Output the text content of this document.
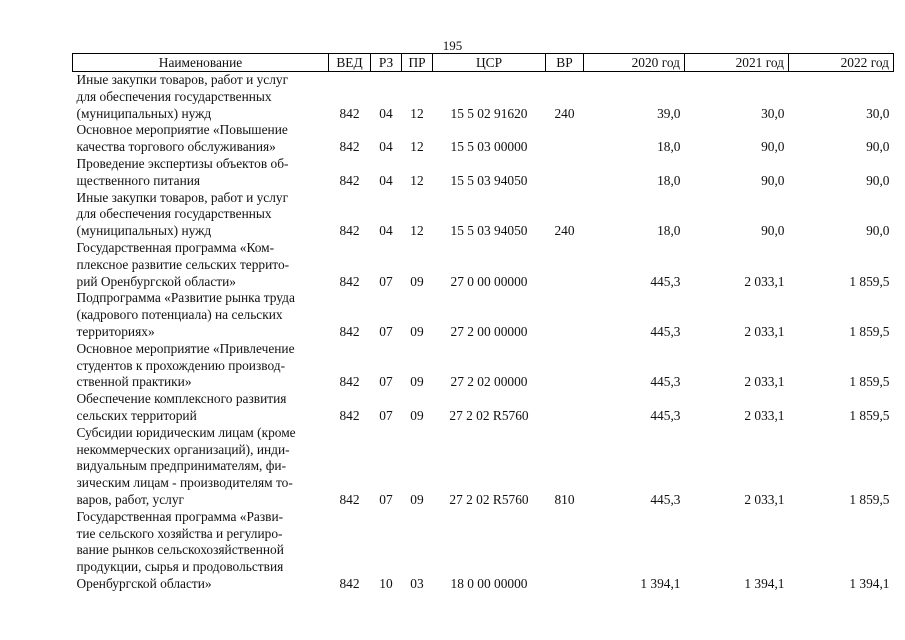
195
Наименование	ВЕД	РЗ	ПР	ЦСР	ВР	2020 год	2021 год	2022 год

Иные закупки товаров, работ и услуг
для обеспечения государственных
(муниципальных) нужд	842	04	12	15 5 02 91620	240	39,0	30,0	30,0

Основное мероприятие «Повышение
качества торгового обслуживания»	842	04	12	15 5 03 00000		18,0	90,0	90,0

Проведение экспертизы объектов об-
щественного питания	842	04	12	15 5 03 94050		18,0	90,0	90,0

Иные закупки товаров, работ и услуг
для обеспечения государственных
(муниципальных) нужд	842	04	12	15 5 03 94050	240	18,0	90,0	90,0

Государственная программа «Ком-
плексное развитие сельских террито-
рий Оренбургской области»	842	07	09	27 0 00 00000		445,3	2 033,1	1 859,5

Подпрограмма «Развитие рынка труда
(кадрового потенциала) на сельских
территориях»	842	07	09	27 2 00 00000		445,3	2 033,1	1 859,5

Основное мероприятие «Привлечение
студентов к прохождению производ-
ственной практики»	842	07	09	27 2 02 00000		445,3	2 033,1	1 859,5

Обеспечение комплексного развития
сельских территорий	842	07	09	27 2 02 R5760		445,3	2 033,1	1 859,5

Субсидии юридическим лицам (кроме
некоммерческих организаций), инди-
видуальным предпринимателям, фи-
зическим лицам - производителям то-
варов, работ, услуг	842	07	09	27 2 02 R5760	810	445,3	2 033,1	1 859,5

Государственная программа «Разви-
тие сельского хозяйства и регулиро-
вание рынков сельскохозяйственной
продукции, сырья и продовольствия
Оренбургской области»	842	10	03	18 0 00 00000		1 394,1	1 394,1	1 394,1
